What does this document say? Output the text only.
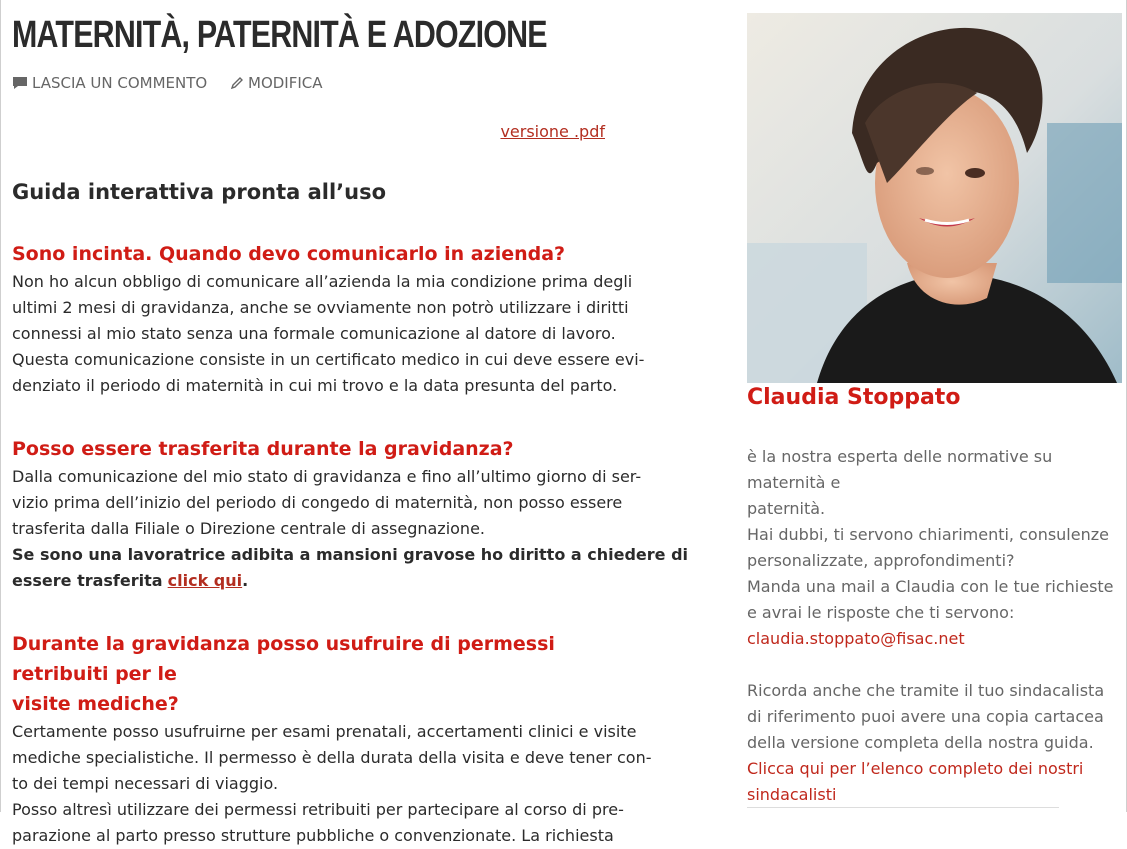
MATERNITÀ, PATERNITÀ E ADOZIONE
LASCIA UN COMMENTO
	MODIFICA
versione .pdf
Guida interattiva pronta all’uso

Sono incinta. Quando devo comunicarlo in azienda?

Non ho alcun obbligo di comunicare all’azienda la mia condizione prima degli

ultimi 2 mesi di gravidanza, anche se ovviamente non potrò utilizzare i diritti

connessi al mio stato senza una formale comunicazione al datore di lavoro.

Questa comunicazione consiste in un certificato medico in cui deve essere evi-

denziato il periodo di maternità in cui mi trovo e la data presunta del parto.

Posso essere trasferita durante la gravidanza?

Dalla comunicazione del mio stato di gravidanza e fino all’ultimo giorno di ser-

vizio prima dell’inizio del periodo di congedo di maternità, non posso essere

trasferita dalla Filiale o Direzione centrale di assegnazione.

Se sono una lavoratrice adibita a mansioni gravose ho diritto a chiedere di

essere trasferita click qui.

Durante la gravidanza posso usufruire di permessi retribuiti per le

visite mediche?

Certamente posso usufruirne per esami prenatali, accertamenti clinici e visite

mediche specialistiche. Il permesso è della durata della visita e deve tener con-

to dei tempi necessari di viaggio.

Posso altresì utilizzare dei permessi retribuiti per partecipare al corso di pre-

parazione al parto presso strutture pubbliche o convenzionate. La richiesta

Claudia Stoppato

è la nostra esperta delle normative su maternità e

paternità.

Hai dubbi, ti servono chiarimenti, consulenze

personalizzate, approfondimenti?

Manda una mail a Claudia con le tue richieste

e avrai le risposte che ti servono:

claudia.stoppato@fisac.net

Ricorda anche che tramite il tuo sindacalista

di riferimento puoi avere una copia cartacea

della versione completa della nostra guida.

Clicca qui per l’elenco completo dei nostri

sindacalisti
